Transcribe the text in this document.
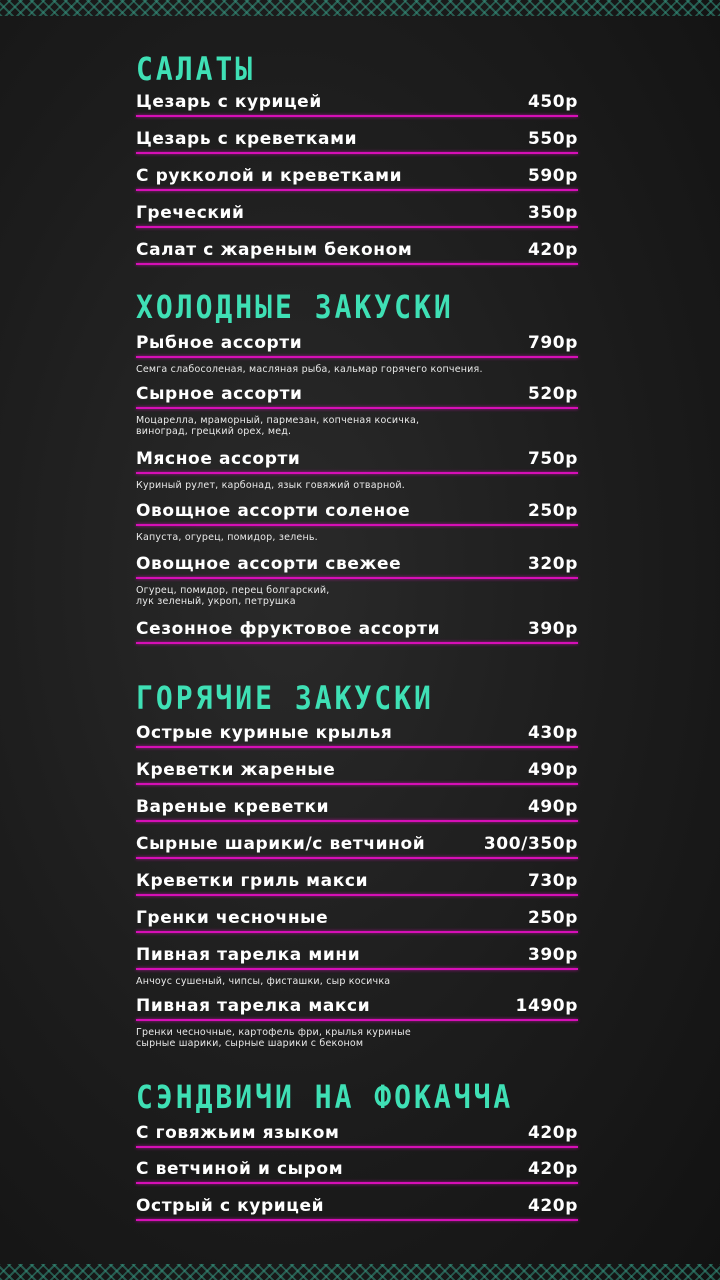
САЛАТЫ
Цезарь с курицей	450р
Цезарь с креветками	550р
С рукколой и креветками	590р
Греческий	350р
Салат с жареным беконом	420р
ХОЛОДНЫЕ ЗАКУСКИ
Рыбное ассорти	790р
Семга слабосоленая, масляная рыба, кальмар горячего копчения.
Сырное ассорти	520р
Моцарелла, мраморный, пармезан, копченая косичка,
виноград, грецкий орех, мед.
Мясное ассорти	750р
Куриный рулет, карбонад, язык говяжий отварной.
Овощное ассорти соленое	250р
Капуста, огурец, помидор, зелень.
Овощное ассорти свежее	320р
Огурец, помидор, перец болгарский,
лук зеленый, укроп, петрушка
Сезонное фруктовое ассорти	390р
ГОРЯЧИЕ ЗАКУСКИ
Острые куриные крылья	430р
Креветки жареные	490р
Вареные креветки	490р
Сырные шарики/с ветчиной	300/350р
Креветки гриль макси	730р
Гренки чесночные	250р
Пивная тарелка мини	390р
Анчоус сушеный, чипсы, фисташки, сыр косичка
Пивная тарелка макси	1490р
Гренки чесночные, картофель фри, крылья куриные
сырные шарики, сырные шарики с беконом
СЭНДВИЧИ НА ФОКАЧЧА
С говяжьим языком	420р
С ветчиной и сыром	420р
Острый с курицей	420р
